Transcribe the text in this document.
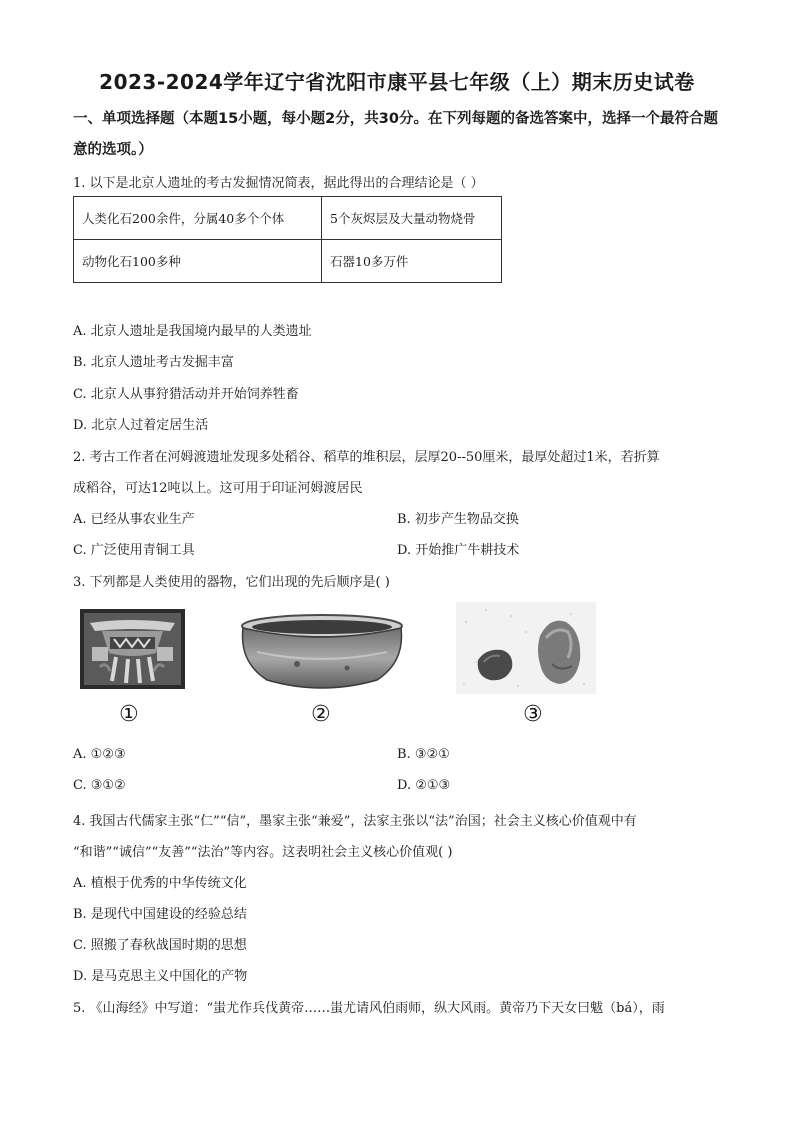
2023-2024学年辽宁省沈阳市康平县七年级（上）期末历史试卷
一、单项选择题（本题15小题，每小题2分，共30分。在下列每题的备选答案中，选择一个最符合题意的选项。）
1. 以下是北京人遗址的考古发掘情况简表，据此得出的合理结论是（ ）
人类化石200余件，分属40多个个体	5个灰烬层及大量动物烧骨
动物化石100多种	石器10多万件
A. 北京人遗址是我国境内最早的人类遗址
B. 北京人遗址考古发掘丰富
C. 北京人从事狩猎活动并开始饲养牲畜
D. 北京人过着定居生活
2. 考古工作者在河姆渡遗址发现多处稻谷、稻草的堆积层，层厚20--50厘米，最厚处超过1米，若折算
成稻谷，可达12吨以上。这可用于印证河姆渡居民
A. 已经从事农业生产	B. 初步产生物品交换
C. 广泛使用青铜工具	D. 开始推广牛耕技术
3. 下列都是人类使用的器物，它们出现的先后顺序是( )
①	②	③
A. ①②③	B. ③②①
C. ③①②	D. ②①③
4. 我国古代儒家主张“仁”“信”，墨家主张“兼爱”，法家主张以“法”治国；社会主义核心价值观中有
“和谐”“诚信”“友善”“法治”等内容。这表明社会主义核心价值观( )
A. 植根于优秀的中华传统文化
B. 是现代中国建设的经验总结
C. 照搬了春秋战国时期的思想
D. 是马克思主义中国化的产物
5. 《山海经》中写道：“蚩尤作兵伐黄帝……蚩尤请风伯雨师，纵大风雨。黄帝乃下天女曰魃（bá），雨
